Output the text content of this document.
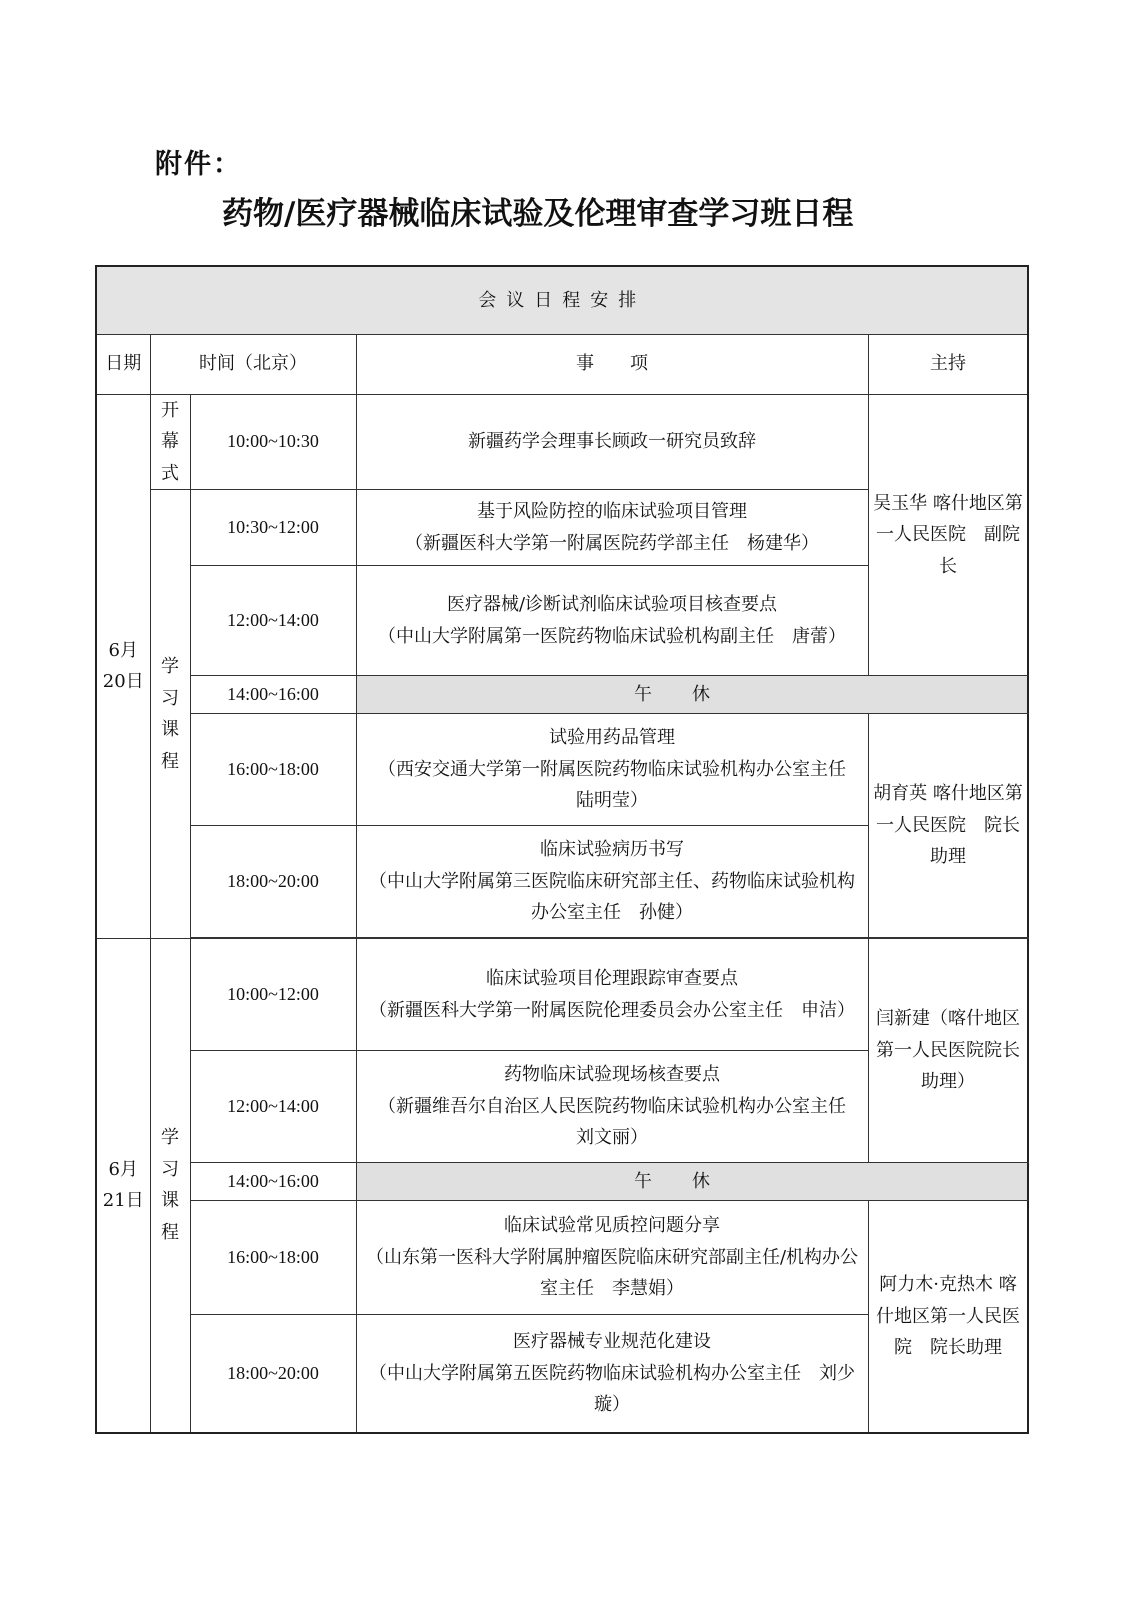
附件：
药物/医疗器械临床试验及伦理审查学习班日程
会议日程安排				
日期	时间（北京）		事　　项	主持
6月20日	开幕式	10:00~10:30	新疆药学会理事长顾政一研究员致辞	吴玉华 喀什地区第一人民医院　副院长
	学习课程	10:30~12:00	基于风险防控的临床试验项目管理
（新疆医科大学第一附属医院药学部主任　杨建华）	

		12:00~14:00	医疗器械/诊断试剂临床试验项目核查要点
（中山大学附属第一医院药物临床试验机构副主任　唐蕾）	

		14:00~16:00	午休	
		16:00~18:00	试验用药品管理
（西安交通大学第一附属医院药物临床试验机构办公室主任　陆明莹）	胡育英 喀什地区第一人民医院　院长助理
		18:00~20:00	临床试验病历书写
（中山大学附属第三医院临床研究部主任、药物临床试验机构办公室主任　孙健）	

6月21日	学习课程	10:00~12:00	临床试验项目伦理跟踪审查要点
（新疆医科大学第一附属医院伦理委员会办公室主任　申洁）	闫新建（喀什地区第一人民医院院长助理）
		12:00~14:00	药物临床试验现场核查要点
（新疆维吾尔自治区人民医院药物临床试验机构办公室主任　刘文丽）	

		14:00~16:00	午休	
		16:00~18:00	临床试验常见质控问题分享
（山东第一医科大学附属肿瘤医院临床研究部副主任/机构办公室主任　李慧娟）	阿力木·克热木 喀什地区第一人民医院　院长助理
		18:00~20:00	医疗器械专业规范化建设
（中山大学附属第五医院药物临床试验机构办公室主任　刘少璇）	
